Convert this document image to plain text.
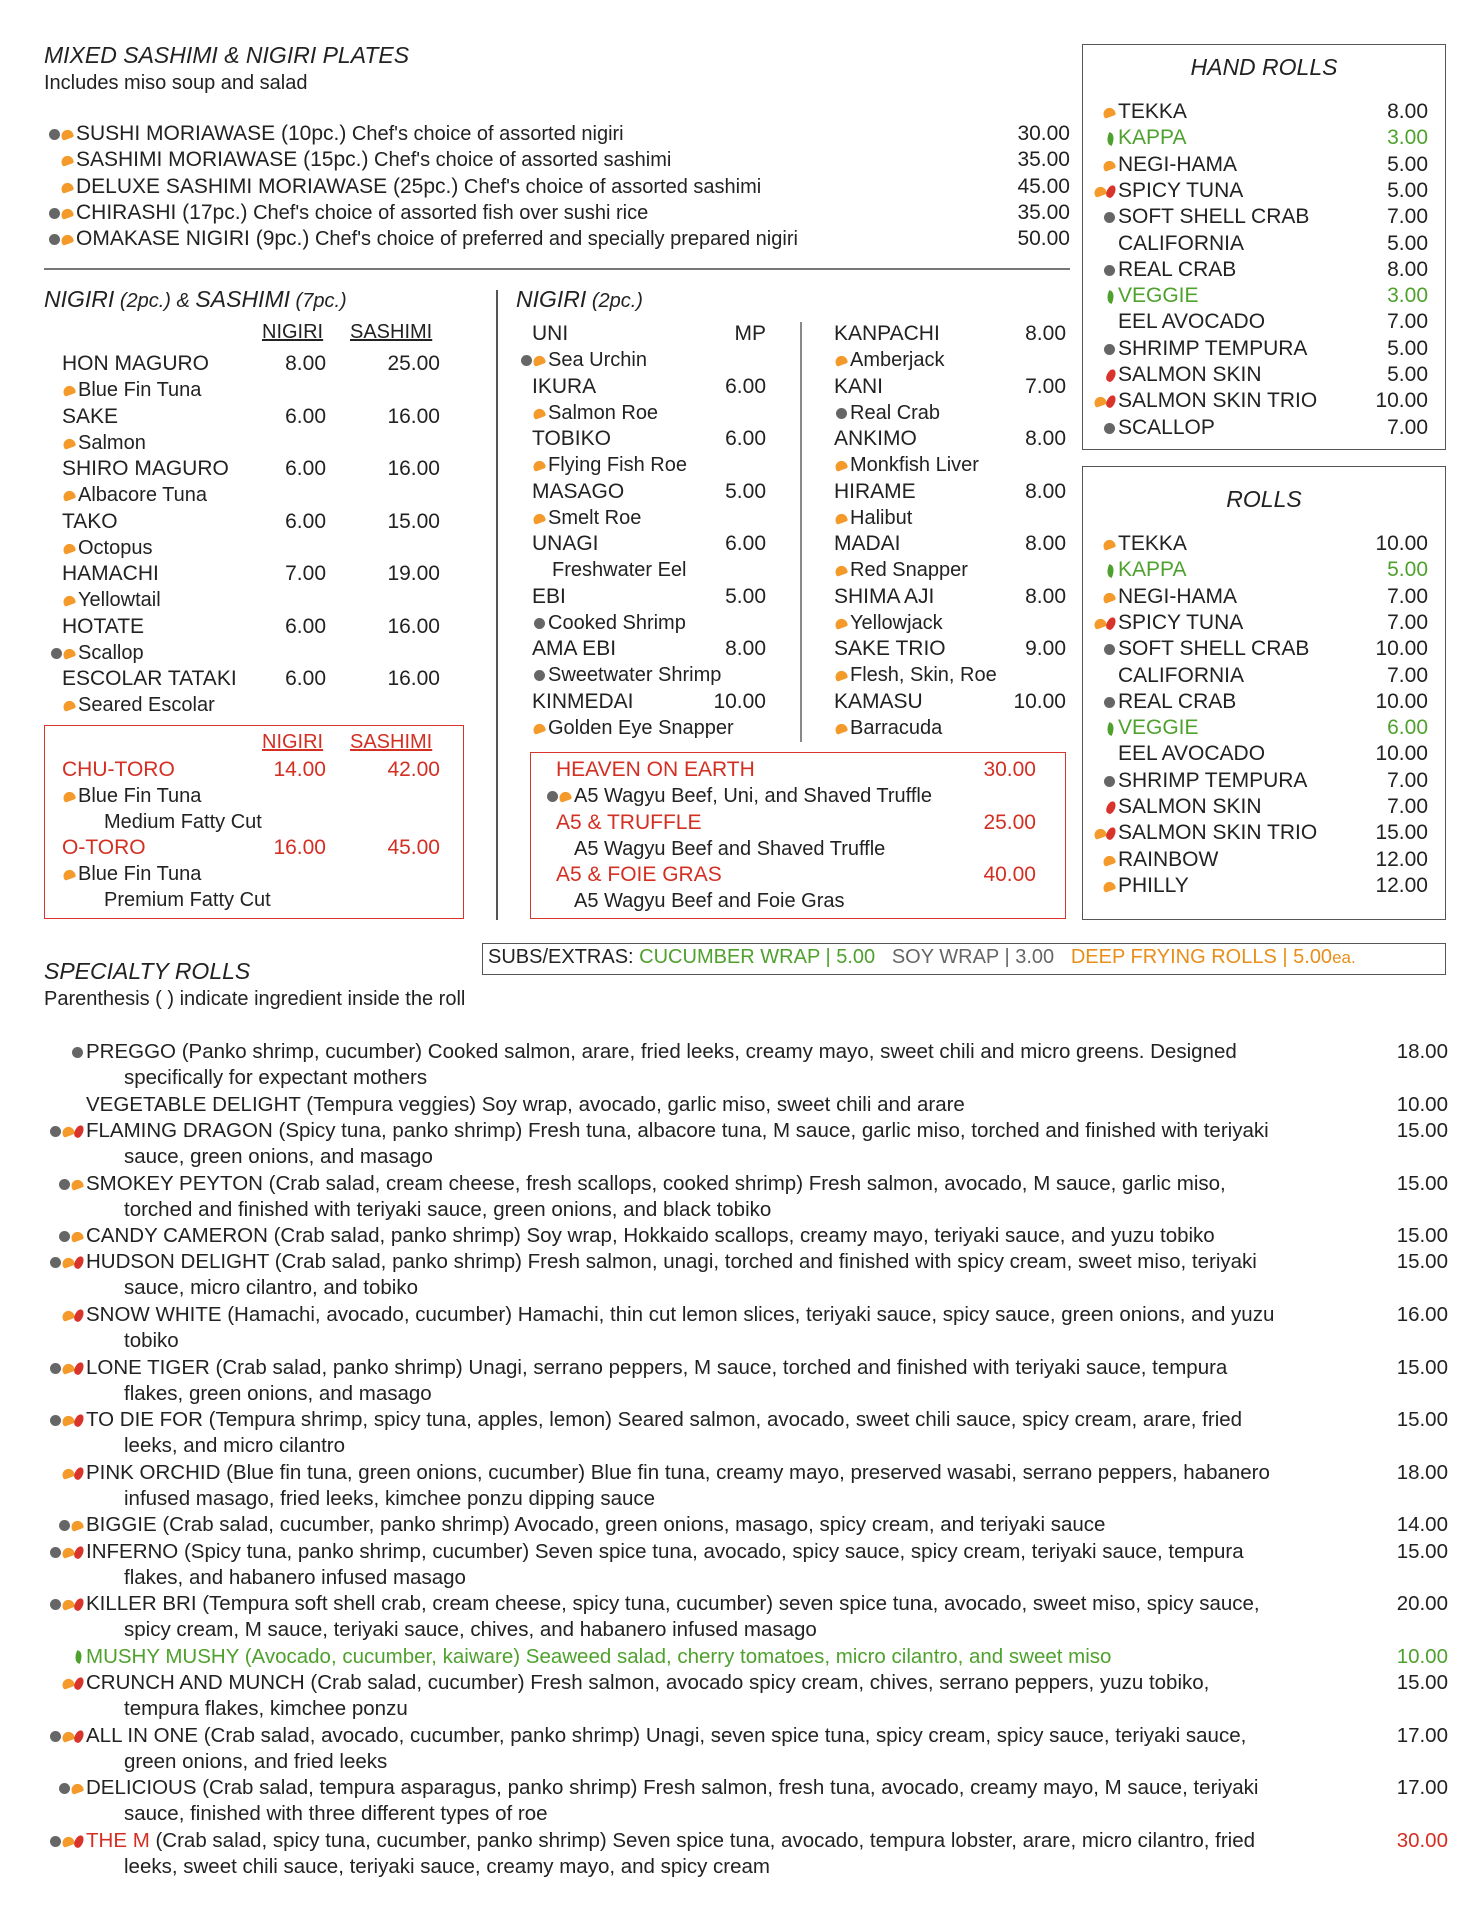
MIXED SASHIMI & NIGIRI PLATES
Includes miso soup and salad
SUSHI MORIAWASE (10pc.) Chef's choice of assorted nigiri	30.00
SASHIMI MORIAWASE (15pc.) Chef's choice of assorted sashimi	35.00
DELUXE SASHIMI MORIAWASE (25pc.) Chef's choice of assorted sashimi	45.00
CHIRASHI (17pc.) Chef's choice of assorted fish over sushi rice	35.00
OMAKASE NIGIRI (9pc.) Chef's choice of preferred and specially prepared nigiri	50.00
NIGIRI (2pc.) & SASHIMI (7pc.)
NIGIRI SASHIMI
HON MAGURO	8.00	25.00
Blue Fin Tuna
SAKE	6.00	16.00
Salmon
SHIRO MAGURO	6.00	16.00
Albacore Tuna
TAKO	6.00	15.00
Octopus
HAMACHI	7.00	19.00
Yellowtail
HOTATE	6.00	16.00
Scallop
ESCOLAR TATAKI	6.00	16.00
Seared Escolar
NIGIRI SASHIMI
CHU-TORO	14.00	42.00
Blue Fin Tuna
Medium Fatty Cut
O-TORO	16.00	45.00
Blue Fin Tuna
Premium Fatty Cut
NIGIRI (2pc.)
UNI	MP
Sea Urchin
IKURA	6.00
Salmon Roe
TOBIKO	6.00
Flying Fish Roe
MASAGO	5.00
Smelt Roe
UNAGI	6.00
Freshwater Eel
EBI	5.00
Cooked Shrimp
AMA EBI	8.00
Sweetwater Shrimp
KINMEDAI	10.00
Golden Eye Snapper
KANPACHI	8.00
Amberjack
KANI	7.00
Real Crab
ANKIMO	8.00
Monkfish Liver
HIRAME	8.00
Halibut
MADAI	8.00
Red Snapper
SHIMA AJI	8.00
Yellowjack
SAKE TRIO	9.00
Flesh, Skin, Roe
KAMASU	10.00
Barracuda
HEAVEN ON EARTH	30.00
A5 Wagyu Beef, Uni, and Shaved Truffle
A5 & TRUFFLE	25.00
A5 Wagyu Beef and Shaved Truffle
A5 & FOIE GRAS	40.00
A5 Wagyu Beef and Foie Gras
HAND ROLLS
TEKKA	8.00
KAPPA	3.00
NEGI-HAMA	5.00
SPICY TUNA	5.00
SOFT SHELL CRAB	7.00
CALIFORNIA	5.00
REAL CRAB	8.00
VEGGIE	3.00
EEL AVOCADO	7.00
SHRIMP TEMPURA	5.00
SALMON SKIN	5.00
SALMON SKIN TRIO	10.00
SCALLOP	7.00
ROLLS
TEKKA	10.00
KAPPA	5.00
NEGI-HAMA	7.00
SPICY TUNA	7.00
SOFT SHELL CRAB	10.00
CALIFORNIA	7.00
REAL CRAB	10.00
VEGGIE	6.00
EEL AVOCADO	10.00
SHRIMP TEMPURA	7.00
SALMON SKIN	7.00
SALMON SKIN TRIO	15.00
RAINBOW	12.00
PHILLY	12.00
SUBS/EXTRAS: CUCUMBER WRAP | 5.00 SOY WRAP | 3.00 DEEP FRYING ROLLS | 5.00ea.
SPECIALTY ROLLS
Parenthesis ( ) indicate ingredient inside the roll
PREGGO (Panko shrimp, cucumber) Cooked salmon, arare, fried leeks, creamy mayo, sweet chili and micro greens. Designed
specifically for expectant mothers
18.00
VEGETABLE DELIGHT (Tempura veggies) Soy wrap, avocado, garlic miso, sweet chili and arare	10.00
FLAMING DRAGON (Spicy tuna, panko shrimp) Fresh tuna, albacore tuna, M sauce, garlic miso, torched and finished with teriyaki
sauce, green onions, and masago
15.00
SMOKEY PEYTON (Crab salad, cream cheese, fresh scallops, cooked shrimp) Fresh salmon, avocado, M sauce, garlic miso,
torched and finished with teriyaki sauce, green onions, and black tobiko
15.00
CANDY CAMERON (Crab salad, panko shrimp) Soy wrap, Hokkaido scallops, creamy mayo, teriyaki sauce, and yuzu tobiko	15.00
HUDSON DELIGHT (Crab salad, panko shrimp) Fresh salmon, unagi, torched and finished with spicy cream, sweet miso, teriyaki
sauce, micro cilantro, and tobiko
15.00
SNOW WHITE (Hamachi, avocado, cucumber) Hamachi, thin cut lemon slices, teriyaki sauce, spicy sauce, green onions, and yuzu
tobiko
16.00
LONE TIGER (Crab salad, panko shrimp) Unagi, serrano peppers, M sauce, torched and finished with teriyaki sauce, tempura
flakes, green onions, and masago
15.00
TO DIE FOR (Tempura shrimp, spicy tuna, apples, lemon) Seared salmon, avocado, sweet chili sauce, spicy cream, arare, fried
leeks, and micro cilantro
15.00
PINK ORCHID (Blue fin tuna, green onions, cucumber) Blue fin tuna, creamy mayo, preserved wasabi, serrano peppers, habanero
infused masago, fried leeks, kimchee ponzu dipping sauce
18.00
BIGGIE (Crab salad, cucumber, panko shrimp) Avocado, green onions, masago, spicy cream, and teriyaki sauce	14.00
INFERNO (Spicy tuna, panko shrimp, cucumber) Seven spice tuna, avocado, spicy sauce, spicy cream, teriyaki sauce, tempura
flakes, and habanero infused masago
15.00
KILLER BRI (Tempura soft shell crab, cream cheese, spicy tuna, cucumber) seven spice tuna, avocado, sweet miso, spicy sauce,
spicy cream, M sauce, teriyaki sauce, chives, and habanero infused masago
20.00
MUSHY MUSHY (Avocado, cucumber, kaiware) Seaweed salad, cherry tomatoes, micro cilantro, and sweet miso	10.00
CRUNCH AND MUNCH (Crab salad, cucumber) Fresh salmon, avocado spicy cream, chives, serrano peppers, yuzu tobiko,
tempura flakes, kimchee ponzu
15.00
ALL IN ONE (Crab salad, avocado, cucumber, panko shrimp) Unagi, seven spice tuna, spicy cream, spicy sauce, teriyaki sauce,
green onions, and fried leeks
17.00
DELICIOUS (Crab salad, tempura asparagus, panko shrimp) Fresh salmon, fresh tuna, avocado, creamy mayo, M sauce, teriyaki
sauce, finished with three different types of roe
17.00
THE M (Crab salad, spicy tuna, cucumber, panko shrimp) Seven spice tuna, avocado, tempura lobster, arare, micro cilantro, fried
leeks, sweet chili sauce, teriyaki sauce, creamy mayo, and spicy cream
30.00
